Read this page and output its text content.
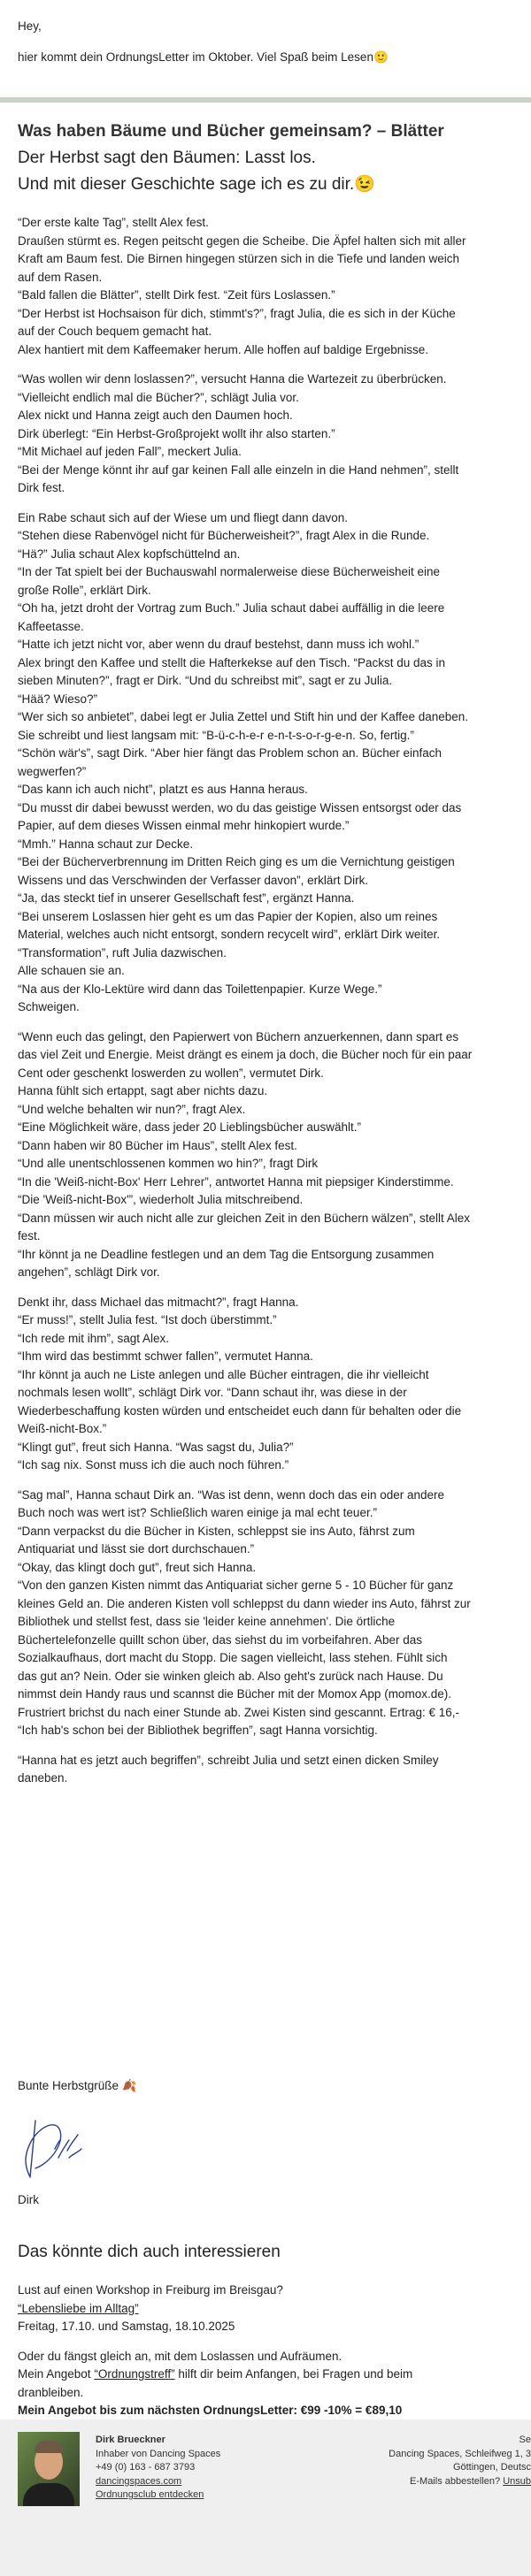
Hey,

hier kommt dein OrdnungsLetter im Oktober. Viel Spaß beim Lesen🙂

Was haben Bäume und Bücher gemeinsam? – Blätter
Der Herbst sagt den Bäumen: Lasst los.
Und mit dieser Geschichte sage ich es zu dir.😉

“Der erste kalte Tag”, stellt Alex fest.

Draußen stürmt es. Regen peitscht gegen die Scheibe. Die Äpfel halten sich mit aller

Kraft am Baum fest. Die Birnen hingegen stürzen sich in die Tiefe und landen weich

auf dem Rasen.

“Bald fallen die Blätter”, stellt Dirk fest. “Zeit fürs Loslassen.”

“Der Herbst ist Hochsaison für dich, stimmt's?”, fragt Julia, die es sich in der Küche

auf der Couch bequem gemacht hat.

Alex hantiert mit dem Kaffeemaker herum. Alle hoffen auf baldige Ergebnisse.

“Was wollen wir denn loslassen?”, versucht Hanna die Wartezeit zu überbrücken.

“Vielleicht endlich mal die Bücher?”, schlägt Julia vor.

Alex nickt und Hanna zeigt auch den Daumen hoch.

Dirk überlegt: “Ein Herbst-Großprojekt wollt ihr also starten.”

“Mit Michael auf jeden Fall”, meckert Julia.

“Bei der Menge könnt ihr auf gar keinen Fall alle einzeln in die Hand nehmen”, stellt

Dirk fest.

Ein Rabe schaut sich auf der Wiese um und fliegt dann davon.

“Stehen diese Rabenvögel nicht für Bücherweisheit?”, fragt Alex in die Runde.

“Hä?” Julia schaut Alex kopfschüttelnd an.

“In der Tat spielt bei der Buchauswahl normalerweise diese Bücherweisheit eine

große Rolle”, erklärt Dirk.

“Oh ha, jetzt droht der Vortrag zum Buch.” Julia schaut dabei auffällig in die leere

Kaffeetasse.

“Hatte ich jetzt nicht vor, aber wenn du drauf bestehst, dann muss ich wohl.”

Alex bringt den Kaffee und stellt die Hafterkekse auf den Tisch. “Packst du das in

sieben Minuten?”, fragt er Dirk. “Und du schreibst mit”, sagt er zu Julia.

“Hää? Wieso?”

“Wer sich so anbietet”, dabei legt er Julia Zettel und Stift hin und der Kaffee daneben.

Sie schreibt und liest langsam mit: “B-ü-c-h-e-r e-n-t-s-o-r-g-e-n. So, fertig.”

“Schön wär's”, sagt Dirk. “Aber hier fängt das Problem schon an. Bücher einfach

wegwerfen?”

“Das kann ich auch nicht”, platzt es aus Hanna heraus.

“Du musst dir dabei bewusst werden, wo du das geistige Wissen entsorgst oder das

Papier, auf dem dieses Wissen einmal mehr hinkopiert wurde.”

“Mmh.” Hanna schaut zur Decke.

“Bei der Bücherverbrennung im Dritten Reich ging es um die Vernichtung geistigen

Wissens und das Verschwinden der Verfasser davon”, erklärt Dirk.

“Ja, das steckt tief in unserer Gesellschaft fest”, ergänzt Hanna.

“Bei unserem Loslassen hier geht es um das Papier der Kopien, also um reines

Material, welches auch nicht entsorgt, sondern recycelt wird”, erklärt Dirk weiter.

“Transformation”, ruft Julia dazwischen.

Alle schauen sie an.

“Na aus der Klo-Lektüre wird dann das Toilettenpapier. Kurze Wege.”

Schweigen.

“Wenn euch das gelingt, den Papierwert von Büchern anzuerkennen, dann spart es

das viel Zeit und Energie. Meist drängt es einem ja doch, die Bücher noch für ein paar

Cent oder geschenkt loswerden zu wollen”, vermutet Dirk.

Hanna fühlt sich ertappt, sagt aber nichts dazu.

“Und welche behalten wir nun?”, fragt Alex.

“Eine Möglichkeit wäre, dass jeder 20 Lieblingsbücher auswählt.”

“Dann haben wir 80 Bücher im Haus”, stellt Alex fest.

“Und alle unentschlossenen kommen wo hin?”, fragt Dirk

“In die 'Weiß-nicht-Box' Herr Lehrer”, antwortet Hanna mit piepsiger Kinderstimme.

“Die 'Weiß-nicht-Box'”, wiederholt Julia mitschreibend.

“Dann müssen wir auch nicht alle zur gleichen Zeit in den Büchern wälzen”, stellt Alex

fest.

“Ihr könnt ja ne Deadline festlegen und an dem Tag die Entsorgung zusammen

angehen”, schlägt Dirk vor.

Denkt ihr, dass Michael das mitmacht?”, fragt Hanna.

“Er muss!”, stellt Julia fest. “Ist doch überstimmt.”

“Ich rede mit ihm”, sagt Alex.

“Ihm wird das bestimmt schwer fallen”, vermutet Hanna.

“Ihr könnt ja auch ne Liste anlegen und alle Bücher eintragen, die ihr vielleicht

nochmals lesen wollt”, schlägt Dirk vor. “Dann schaut ihr, was diese in der

Wiederbeschaffung kosten würden und entscheidet euch dann für behalten oder die

Weiß-nicht-Box.”

“Klingt gut”, freut sich Hanna. “Was sagst du, Julia?”

“Ich sag nix. Sonst muss ich die auch noch führen.”

“Sag mal”, Hanna schaut Dirk an. “Was ist denn, wenn doch das ein oder andere

Buch noch was wert ist? Schließlich waren einige ja mal echt teuer.”

“Dann verpackst du die Bücher in Kisten, schleppst sie ins Auto, fährst zum

Antiquariat und lässt sie dort durchschauen.”

“Okay, das klingt doch gut”, freut sich Hanna.

“Von den ganzen Kisten nimmt das Antiquariat sicher gerne 5 - 10 Bücher für ganz

kleines Geld an. Die anderen Kisten voll schleppst du dann wieder ins Auto, fährst zur

Bibliothek und stellst fest, dass sie 'leider keine annehmen'. Die örtliche

Büchertelefonzelle quillt schon über, das siehst du im vorbeifahren. Aber das

Sozialkaufhaus, dort macht du Stopp. Die sagen vielleicht, lass stehen. Fühlt sich

das gut an? Nein. Oder sie winken gleich ab. Also geht's zurück nach Hause. Du

nimmst dein Handy raus und scannst die Bücher mit der Momox App (momox.de).

Frustriert brichst du nach einer Stunde ab. Zwei Kisten sind gescannt. Ertrag: € 16,-

“Ich hab's schon bei der Bibliothek begriffen”, sagt Hanna vorsichtig.

“Hanna hat es jetzt auch begriffen”, schreibt Julia und setzt einen dicken Smiley

daneben.

Bunte Herbstgrüße 🍂

Dirk

Das könnte dich auch interessieren

Lust auf einen Workshop in Freiburg im Breisgau?

“Lebensliebe im Alltag”

Freitag, 17.10. und Samstag, 18.10.2025

Oder du fängst gleich an, mit dem Loslassen und Aufräumen.

Mein Angebot “Ordnungstreff” hilft dir beim Anfangen, bei Fragen und beim

dranbleiben.

Mein Angebot bis zum nächsten OrdnungsLetter: €99 -10% = €89,10

Dirk Brueckner
Inhaber von Dancing Spaces
+49 (0) 163 - 687 3793
dancingspaces.com
Ordnungsclub entdecken
Se
Dancing Spaces, Schleifweg 1, 3
Göttingen, Deutsc
E-Mails abbestellen? Unsub
